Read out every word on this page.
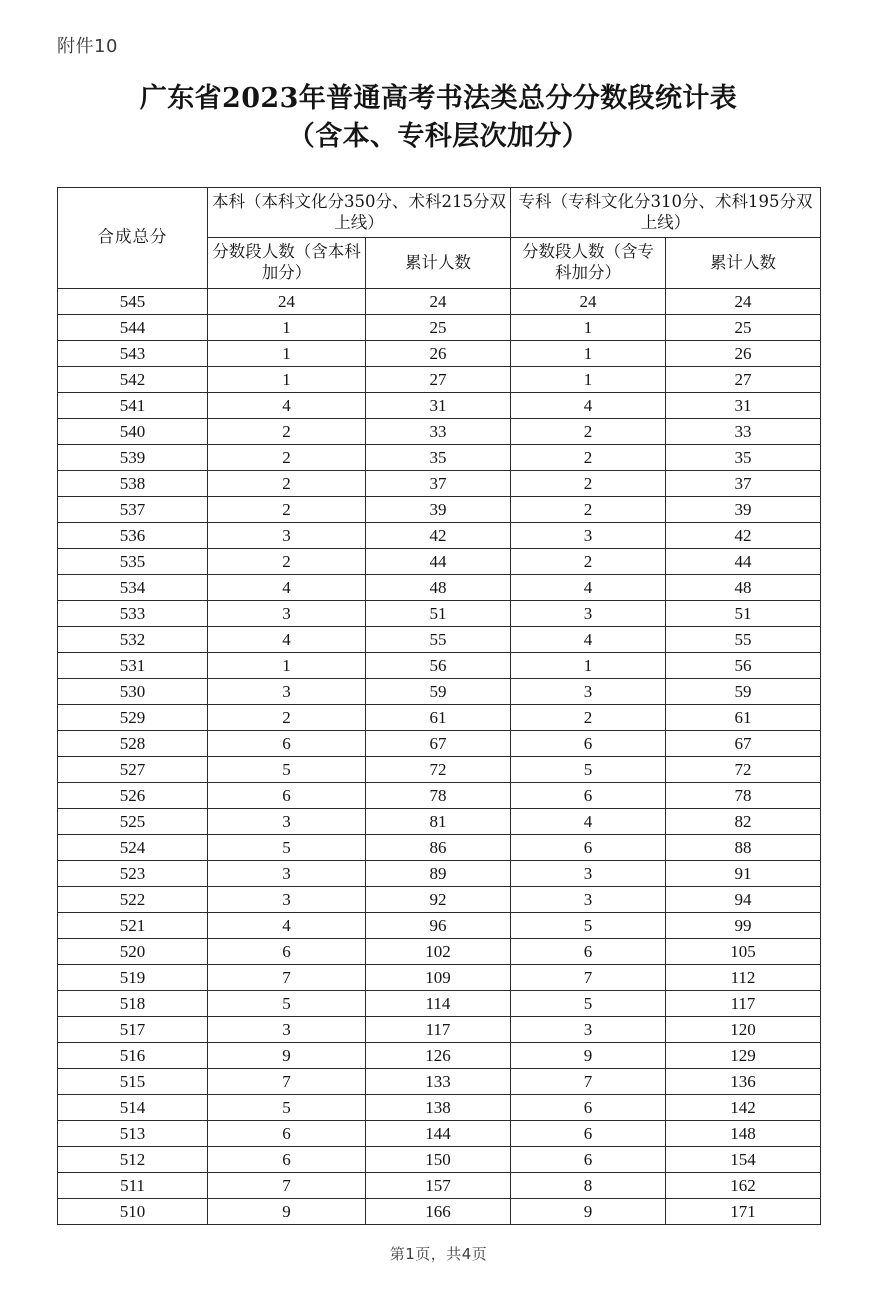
附件10
广东省2023年普通高考书法类总分分数段统计表
（含本、专科层次加分）
合成总分	本科（本科文化分350分、术科215分双上线）		专科（专科文化分310分、术科195分双上线）	
	分数段人数（含本科加分）	累计人数	分数段人数（含专科加分）	累计人数
545	24	24	24	24
544	1	25	1	25
543	1	26	1	26
542	1	27	1	27
541	4	31	4	31
540	2	33	2	33
539	2	35	2	35
538	2	37	2	37
537	2	39	2	39
536	3	42	3	42
535	2	44	2	44
534	4	48	4	48
533	3	51	3	51
532	4	55	4	55
531	1	56	1	56
530	3	59	3	59
529	2	61	2	61
528	6	67	6	67
527	5	72	5	72
526	6	78	6	78
525	3	81	4	82
524	5	86	6	88
523	3	89	3	91
522	3	92	3	94
521	4	96	5	99
520	6	102	6	105
519	7	109	7	112
518	5	114	5	117
517	3	117	3	120
516	9	126	9	129
515	7	133	7	136
514	5	138	6	142
513	6	144	6	148
512	6	150	6	154
511	7	157	8	162
510	9	166	9	171
第1页，共4页
